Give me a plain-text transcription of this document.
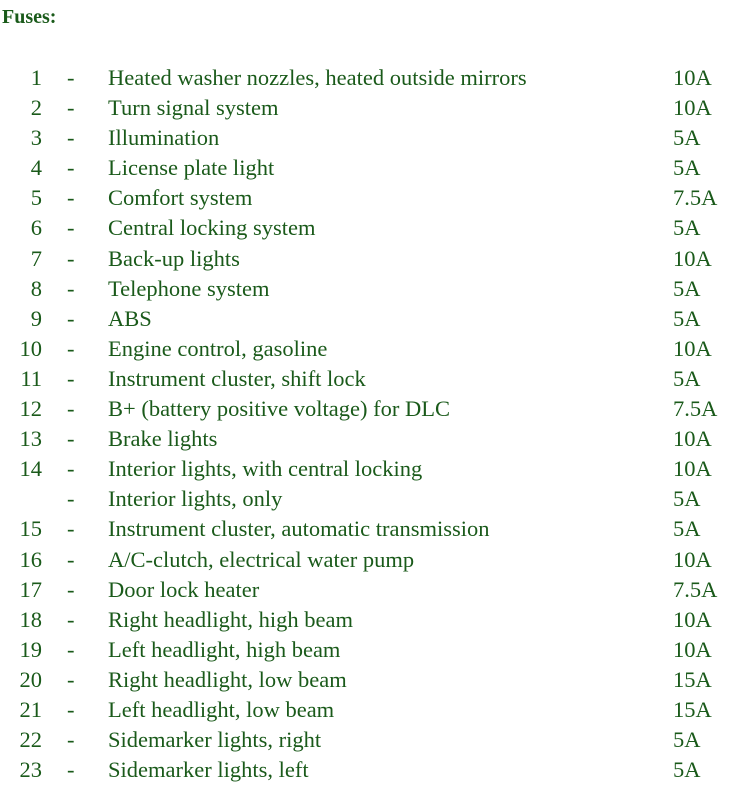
Fuses:
1 - Heated washer nozzles, heated outside mirrors	10A
2 - Turn signal system	10A
3 - Illumination	5A
4 - License plate light	5A
5 - Comfort system	7.5A
6 - Central locking system	5A
7 - Back-up lights	10A
8 - Telephone system	5A
9 - ABS	5A
10 - Engine control, gasoline	10A
11 - Instrument cluster, shift lock	5A
12 - B+ (battery positive voltage) for DLC	7.5A
13 - Brake lights	10A
14 - Interior lights, with central locking	10A
- Interior lights, only	5A
15 - Instrument cluster, automatic transmission	5A
16 - A/C-clutch, electrical water pump	10A
17 - Door lock heater	7.5A
18 - Right headlight, high beam	10A
19 - Left headlight, high beam	10A
20 - Right headlight, low beam	15A
21 - Left headlight, low beam	15A
22 - Sidemarker lights, right	5A
23 - Sidemarker lights, left	5A
